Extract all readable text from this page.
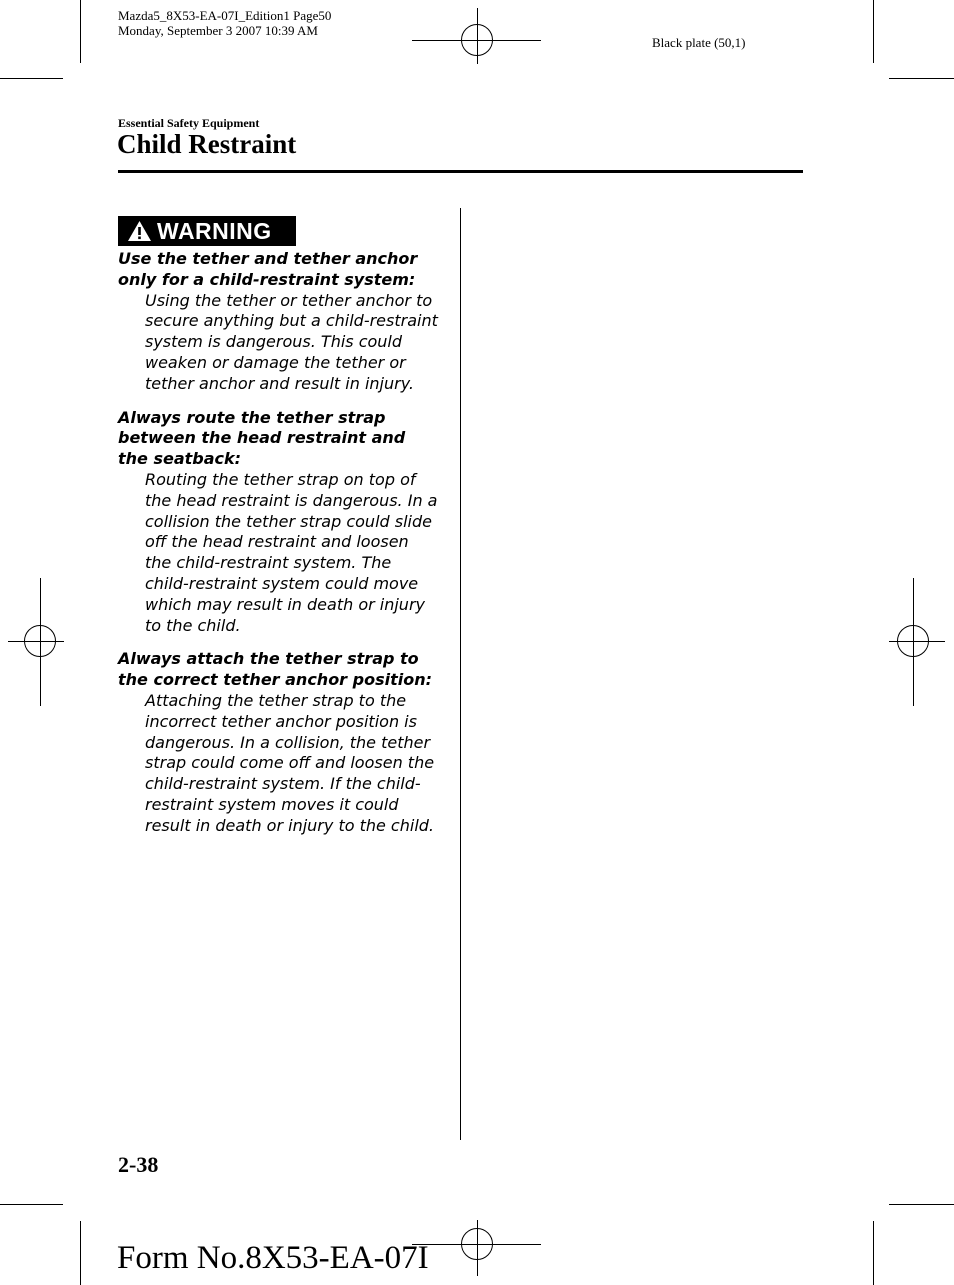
Mazda5_8X53-EA-07I_Edition1 Page50
Monday, September 3 2007 10:39 AM
Black plate (50,1)
Essential Safety Equipment
Child Restraint
WARNING
Use the tether and tether anchor only for a child-restraint system:
Using the tether or tether anchor to secure anything but a child-restraint system is dangerous. This could weaken or damage the tether or tether anchor and result in injury.
Always route the tether strap between the head restraint and the seatback:
Routing the tether strap on top of the head restraint is dangerous. In a collision the tether strap could slide off the head restraint and loosen the child-restraint system. The child-restraint system could move which may result in death or injury to the child.
Always attach the tether strap to the correct tether anchor position:
Attaching the tether strap to the incorrect tether anchor position is dangerous. In a collision, the tether strap could come off and loosen the child-restraint system. If the child-restraint system moves it could result in death or injury to the child.
2-38
Form No.8X53-EA-07I
